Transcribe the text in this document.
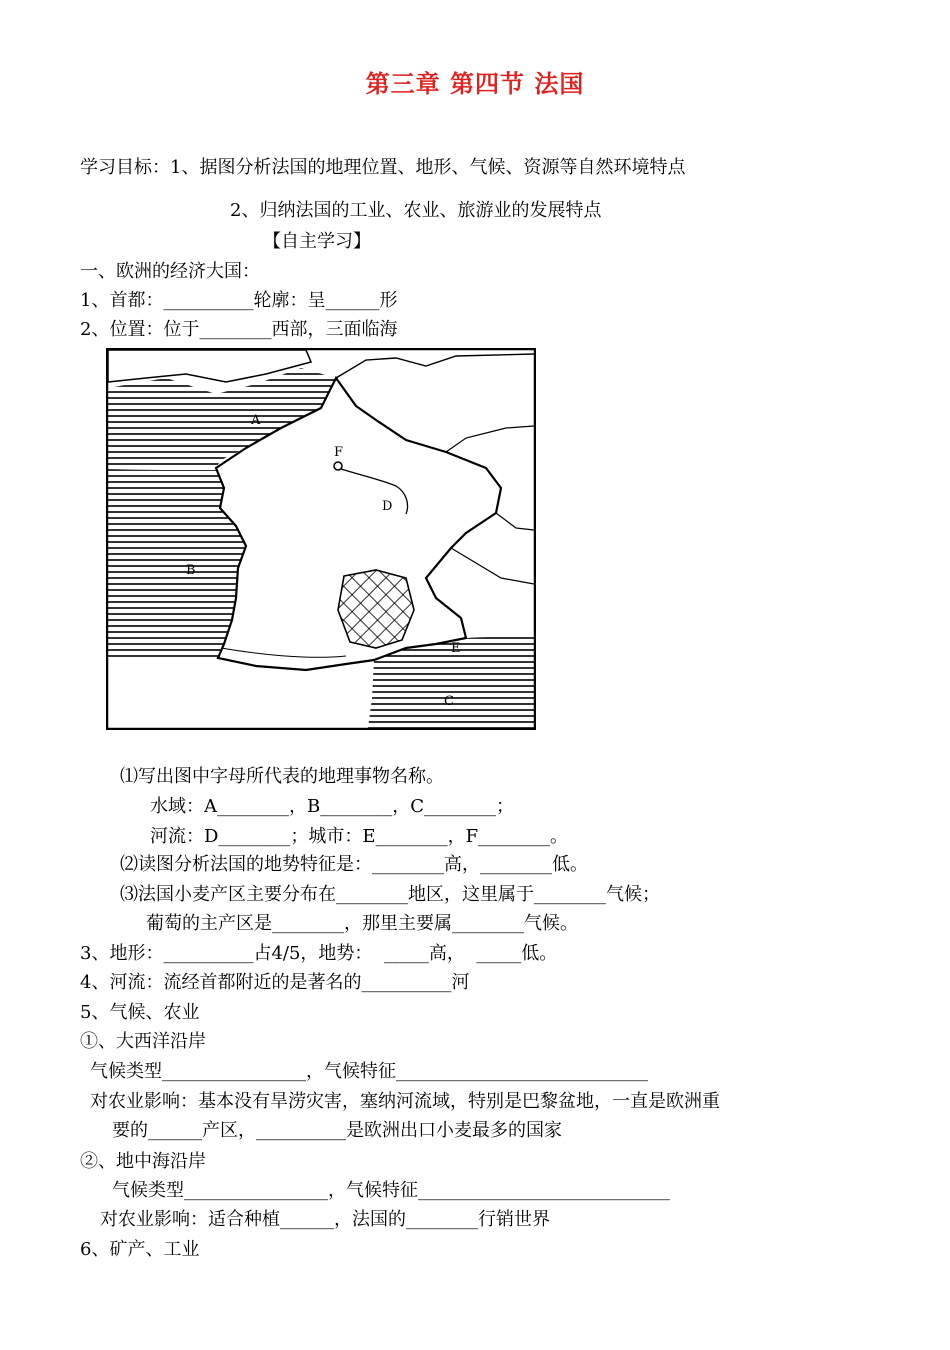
第三章 第四节 法国
学习目标：1、据图分析法国的地理位置、地形、气候、资源等自然环境特点
2、归纳法国的工业、农业、旅游业的发展特点
【自主学习】
一、欧洲的经济大国：
1、首都：__________轮廓：呈______形
2、位置：位于________西部，三面临海
A
B
C
D
E
F
⑴写出图中字母所代表的地理事物名称。
水域：A________，B________，C________；
河流：D________；城市：E________，F________。
⑵读图分析法国的地势特征是：________高，________低。
⑶法国小麦产区主要分布在________地区，这里属于________气候；
葡萄的主产区是________，那里主要属________气候。
3、地形：__________占4/5，地势：  _____高，  _____低。
4、河流：流经首都附近的是著名的__________河
5、气候、农业
①、大西洋沿岸
气候类型________________，气候特征____________________________
对农业影响：基本没有旱涝灾害，塞纳河流域，特别是巴黎盆地，一直是欧洲重
要的______产区，__________是欧洲出口小麦最多的国家
②、地中海沿岸
气候类型________________，气候特征____________________________
对农业影响：适合种植______，法国的________行销世界
6、矿产、工业
